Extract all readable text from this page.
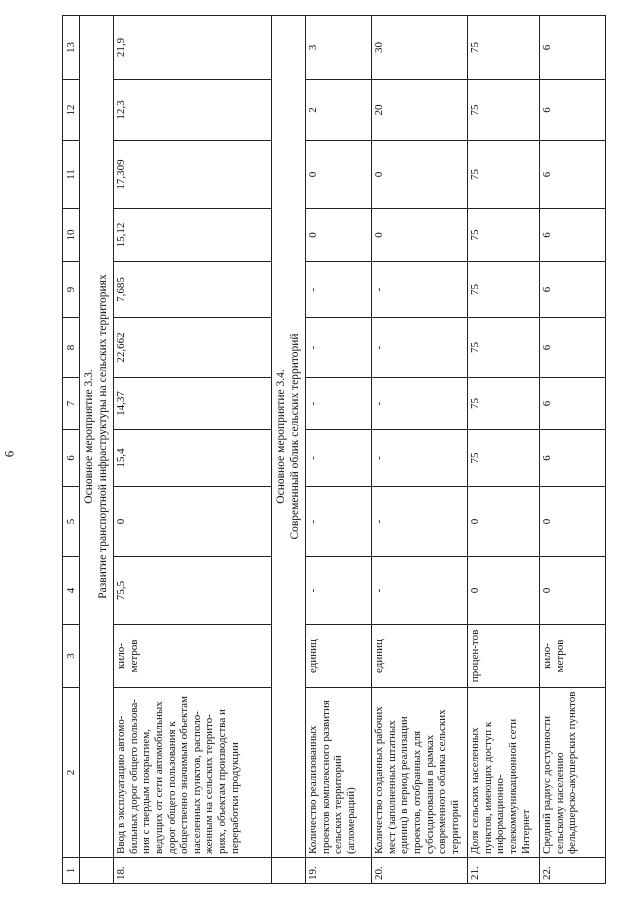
6
1	2	3	4	5	6	7	8	9	10	11	12	13

	Основное мероприятие 3.3. Развитие транспортной инфраструктуры на сельских территориях											

18.	Ввод в эксплуатацию автомо-бильных дорог общего пользова-ния с твердым покрытием, ведущих от сети автомобильных дорог общего пользования к общественно значимым объектам населенных пунктов, располо-женным на сельских террито-риях, объектам производства и переработки продукции	кило-метров	75,5	0	15,4	14,37	22,662	7,685	15,12	17,309	12,3	21,9

	Основное мероприятие 3.4. Современный облик сельских территорий											

19.	Количество реализованных проектов комплексного развития сельских территорий (агломераций)	единиц	-	-	-	-	-	-	0	0	2	3
20.	Количество созданных рабочих мест (заполненных штатных единиц) в период реализации проектов, отобранных для субсидирования в рамках современного облика сельских территорий	единиц	-	-	-	-	-	-	0	0	20	30
21.	Доля сельских населенных пунктов, имеющих доступ к информационно-телекоммуникационной сети Интернет	процен-тов	0	0	75	75	75	75	75	75	75	75
22.	Средний радиус доступности сельскому населению фельдшерско-акушерских пунктов	кило-метров	0	0	6	6	6	6	6	6	6	6
